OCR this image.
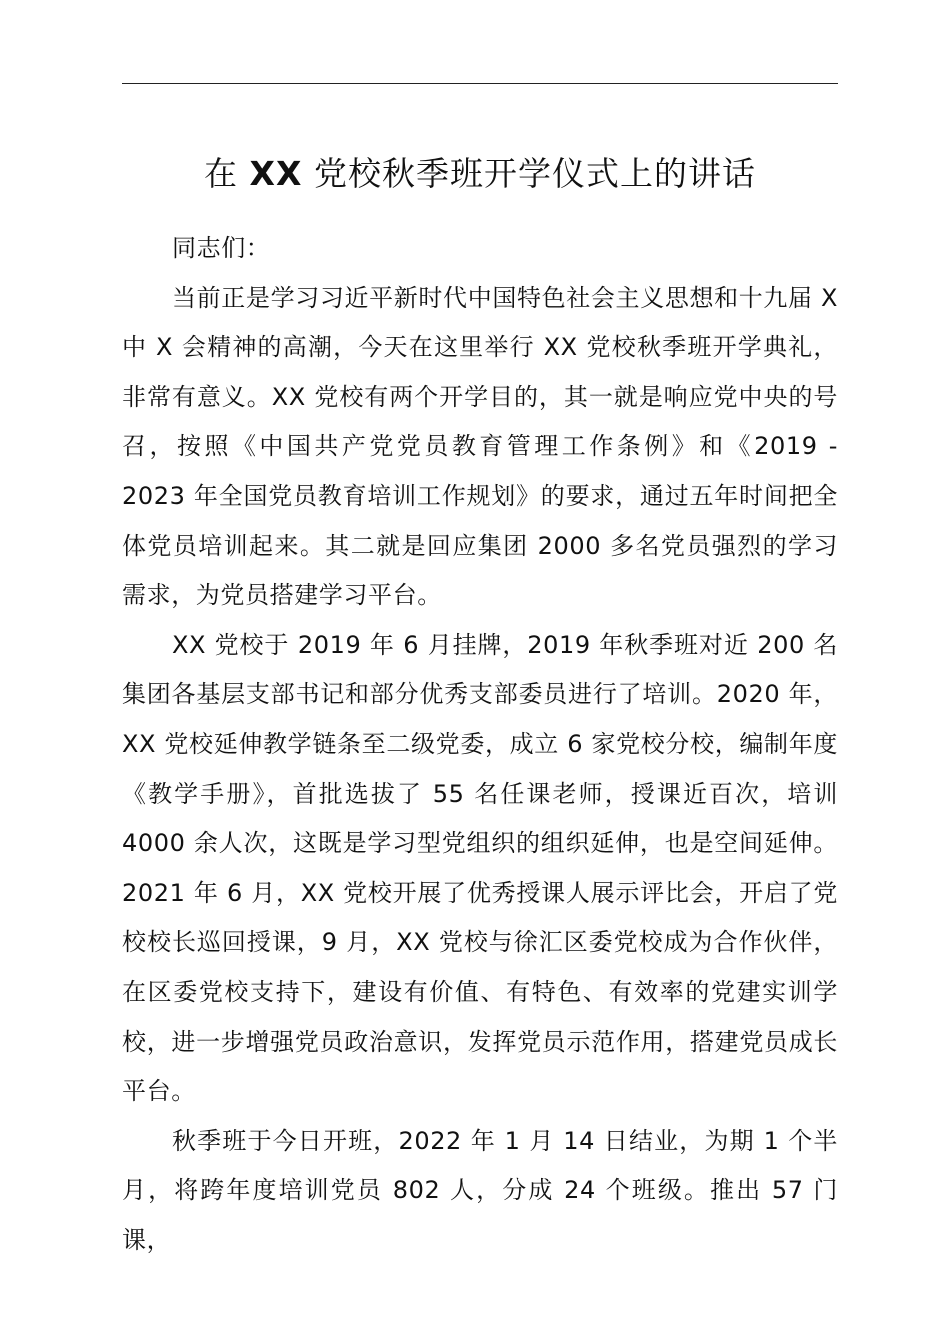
在 XX 党校秋季班开学仪式上的讲话

同志们：

当前正是学习习近平新时代中国特色社会主义思想和十九届 X 中 X 会精神的高潮，今天在这里举行 XX 党校秋季班开学典礼，非常有意义。XX 党校有两个开学目的，其一就是响应党中央的号召，按照《中国共产党党员教育管理工作条例》和《2019 - 2023 年全国党员教育培训工作规划》的要求，通过五年时间把全体党员培训起来。其二就是回应集团 2000 多名党员强烈的学习需求，为党员搭建学习平台。

XX 党校于 2019 年 6 月挂牌，2019 年秋季班对近 200 名集团各基层支部书记和部分优秀支部委员进行了培训。2020 年，XX 党校延伸教学链条至二级党委，成立 6 家党校分校，编制年度《教学手册》，首批选拔了 55 名任课老师，授课近百次，培训 4000 余人次，这既是学习型党组织的组织延伸，也是空间延伸。2021 年 6 月，XX 党校开展了优秀授课人展示评比会，开启了党校校长巡回授课，9 月，XX 党校与徐汇区委党校成为合作伙伴，在区委党校支持下，建设有价值、有特色、有效率的党建实训学校，进一步增强党员政治意识，发挥党员示范作用，搭建党员成长平台。

秋季班于今日开班，2022 年 1 月 14 日结业，为期 1 个半月，将跨年度培训党员 802 人，分成 24 个班级。推出 57 门课，
